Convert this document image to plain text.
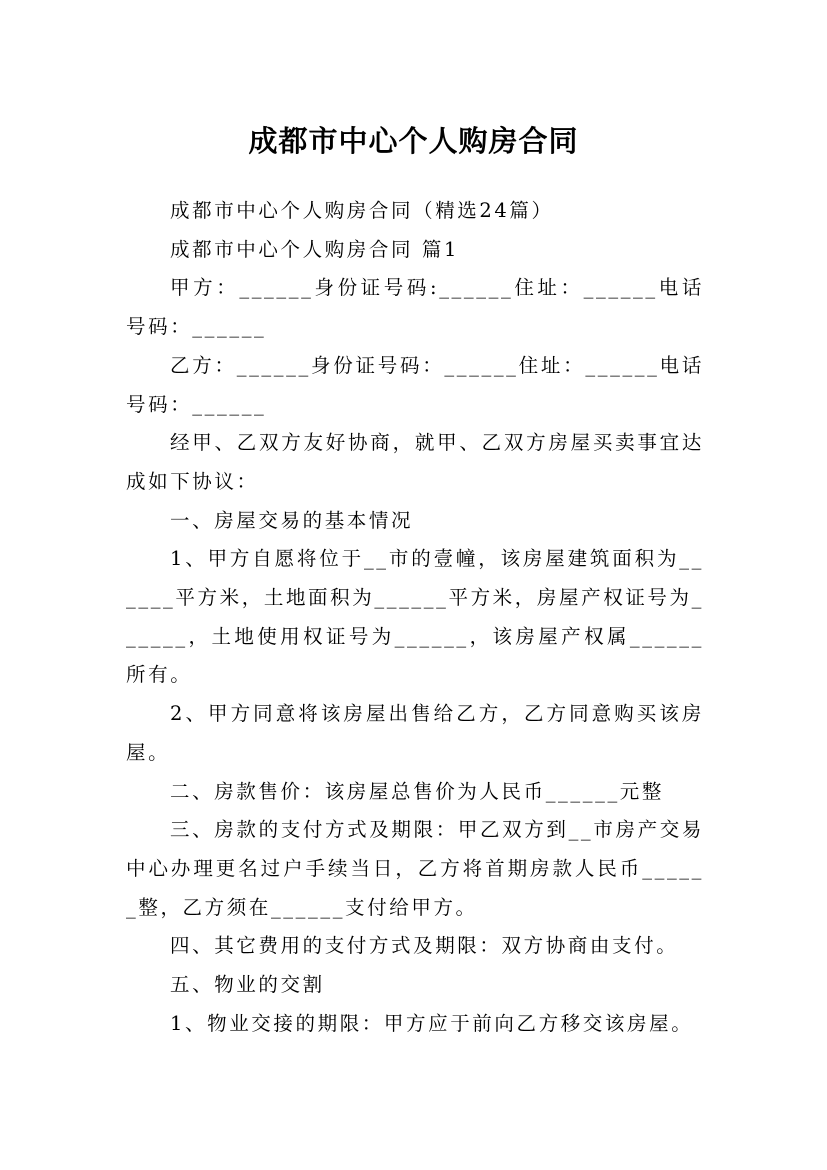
成都市中心个人购房合同

成都市中心个人购房合同（精选24篇）

成都市中心个人购房合同 篇1

甲方：______身份证号码:______住址：______电话号码：______

乙方：______身份证号码：______住址：______电话号码：______

经甲、乙双方友好协商，就甲、乙双方房屋买卖事宜达成如下协议：

一、房屋交易的基本情况

1、甲方自愿将位于__市的壹幢，该房屋建筑面积为______平方米，土地面积为______平方米，房屋产权证号为______，土地使用权证号为______，该房屋产权属______所有。

2、甲方同意将该房屋出售给乙方，乙方同意购买该房屋。

二、房款售价：该房屋总售价为人民币______元整

三、房款的支付方式及期限：甲乙双方到__市房产交易中心办理更名过户手续当日，乙方将首期房款人民币______整，乙方须在______支付给甲方。

四、其它费用的支付方式及期限：双方协商由支付。

五、物业的交割

1、物业交接的期限：甲方应于前向乙方移交该房屋。
